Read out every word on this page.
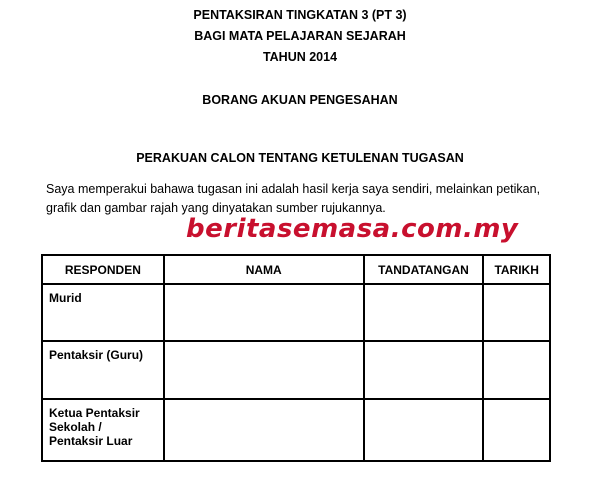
PENTAKSIRAN TINGKATAN 3 (PT 3)
BAGI MATA PELAJARAN SEJARAH
TAHUN 2014
BORANG AKUAN PENGESAHAN
PERAKUAN CALON TENTANG KETULENAN TUGASAN
Saya memperakui bahawa tugasan ini adalah hasil kerja saya sendiri, melainkan petikan,
grafik dan gambar rajah yang dinyatakan sumber rujukannya.
beritasemasa.com.my
RESPONDEN	NAMA	TANDATANGAN	TARIKH

Murid			

Pentaksir (Guru)			

Ketua Pentaksir
Sekolah /
Pentaksir Luar			
